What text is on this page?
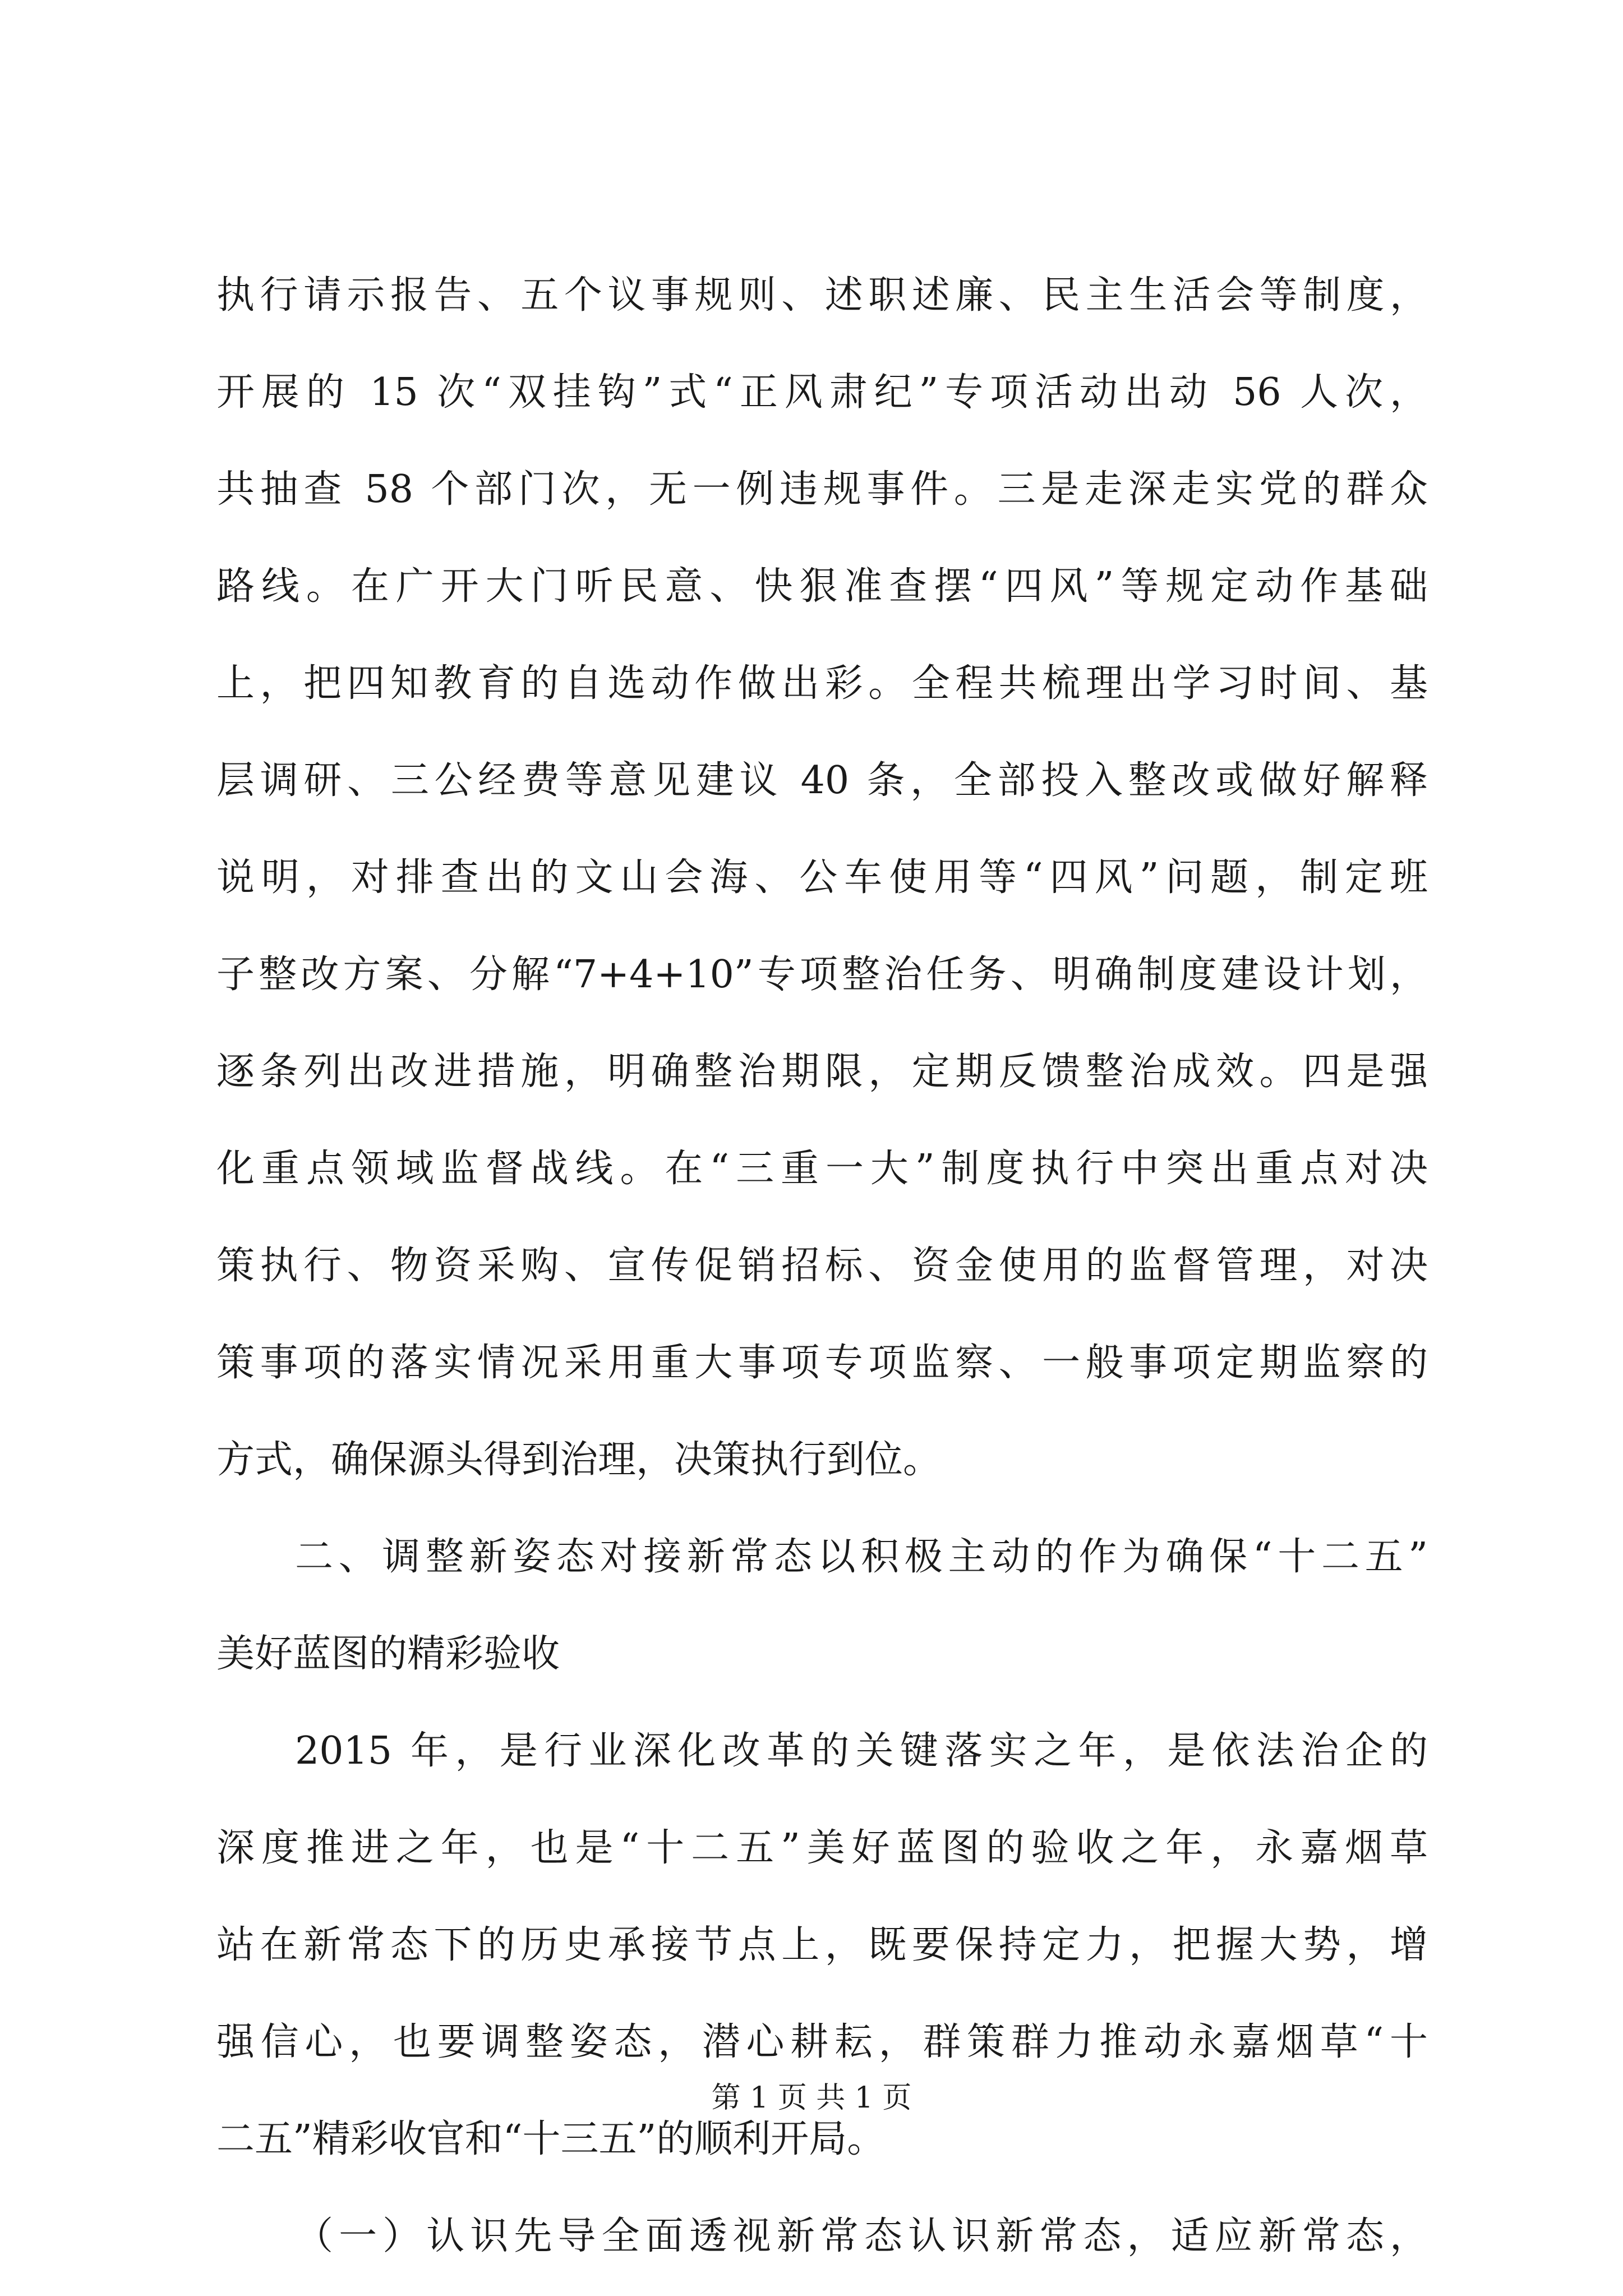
执行请示报告、五个议事规则、述职述廉、民主生活会等制度，
开展的 15 次“双挂钩”式“正风肃纪”专项活动出动 56 人次，
共抽查 58 个部门次，无一例违规事件。三是走深走实党的群众
路线。在广开大门听民意、快狠准查摆“四风”等规定动作基础
上，把四知教育的自选动作做出彩。全程共梳理出学习时间、基
层调研、三公经费等意见建议 40 条，全部投入整改或做好解释
说明，对排查出的文山会海、公车使用等“四风”问题，制定班
子整改方案、分解“7+4+10”专项整治任务、明确制度建设计划，
逐条列出改进措施，明确整治期限，定期反馈整治成效。四是强
化重点领域监督战线。在“三重一大”制度执行中突出重点对决
策执行、物资采购、宣传促销招标、资金使用的监督管理，对决
策事项的落实情况采用重大事项专项监察、一般事项定期监察的
方式，确保源头得到治理，决策执行到位。
二、调整新姿态对接新常态以积极主动的作为确保“十二五”
美好蓝图的精彩验收
2015 年，是行业深化改革的关键落实之年，是依法治企的
深度推进之年，也是“十二五”美好蓝图的验收之年，永嘉烟草
站在新常态下的历史承接节点上，既要保持定力，把握大势，增
强信心，也要调整姿态，潜心耕耘，群策群力推动永嘉烟草“十
二五”精彩收官和“十三五”的顺利开局。
（一）认识先导全面透视新常态认识新常态，适应新常态，
第 1 页 共 1 页
